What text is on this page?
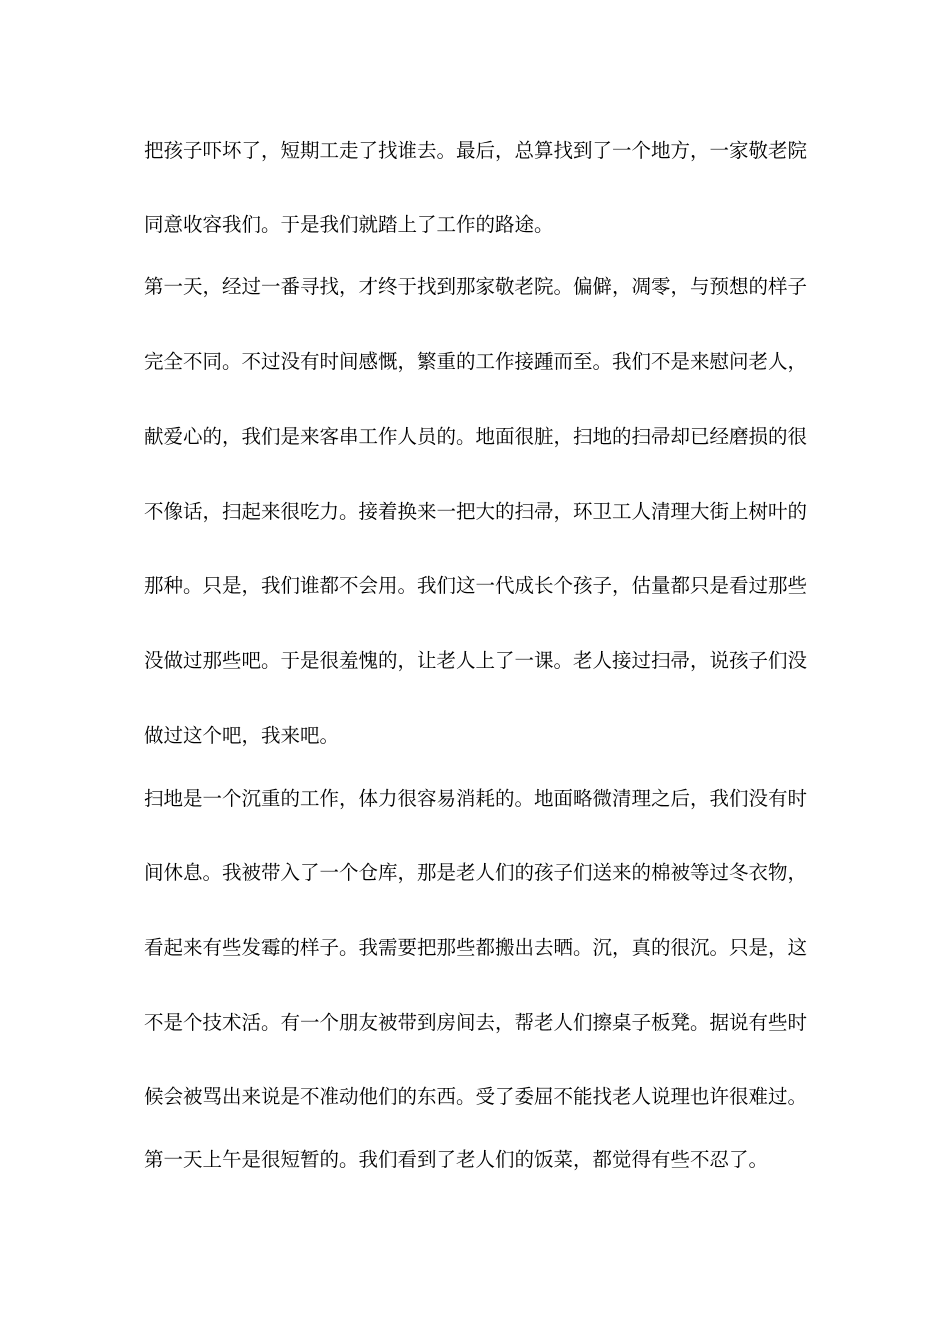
把孩子吓坏了，短期工走了找谁去。最后，总算找到了一个地方，一家敬老院
同意收容我们。于是我们就踏上了工作的路途。
第一天，经过一番寻找，才终于找到那家敬老院。偏僻，凋零，与预想的样子
完全不同。不过没有时间感慨，繁重的工作接踵而至。我们不是来慰问老人，
献爱心的，我们是来客串工作人员的。地面很脏，扫地的扫帚却已经磨损的很
不像话，扫起来很吃力。接着换来一把大的扫帚，环卫工人清理大街上树叶的
那种。只是，我们谁都不会用。我们这一代成长个孩子，估量都只是看过那些
没做过那些吧。于是很羞愧的，让老人上了一课。老人接过扫帚，说孩子们没
做过这个吧，我来吧。
扫地是一个沉重的工作，体力很容易消耗的。地面略微清理之后，我们没有时
间休息。我被带入了一个仓库，那是老人们的孩子们送来的棉被等过冬衣物，
看起来有些发霉的样子。我需要把那些都搬出去晒。沉，真的很沉。只是，这
不是个技术活。有一个朋友被带到房间去，帮老人们擦桌子板凳。据说有些时
候会被骂出来说是不准动他们的东西。受了委屈不能找老人说理也许很难过。
第一天上午是很短暂的。我们看到了老人们的饭菜，都觉得有些不忍了。
